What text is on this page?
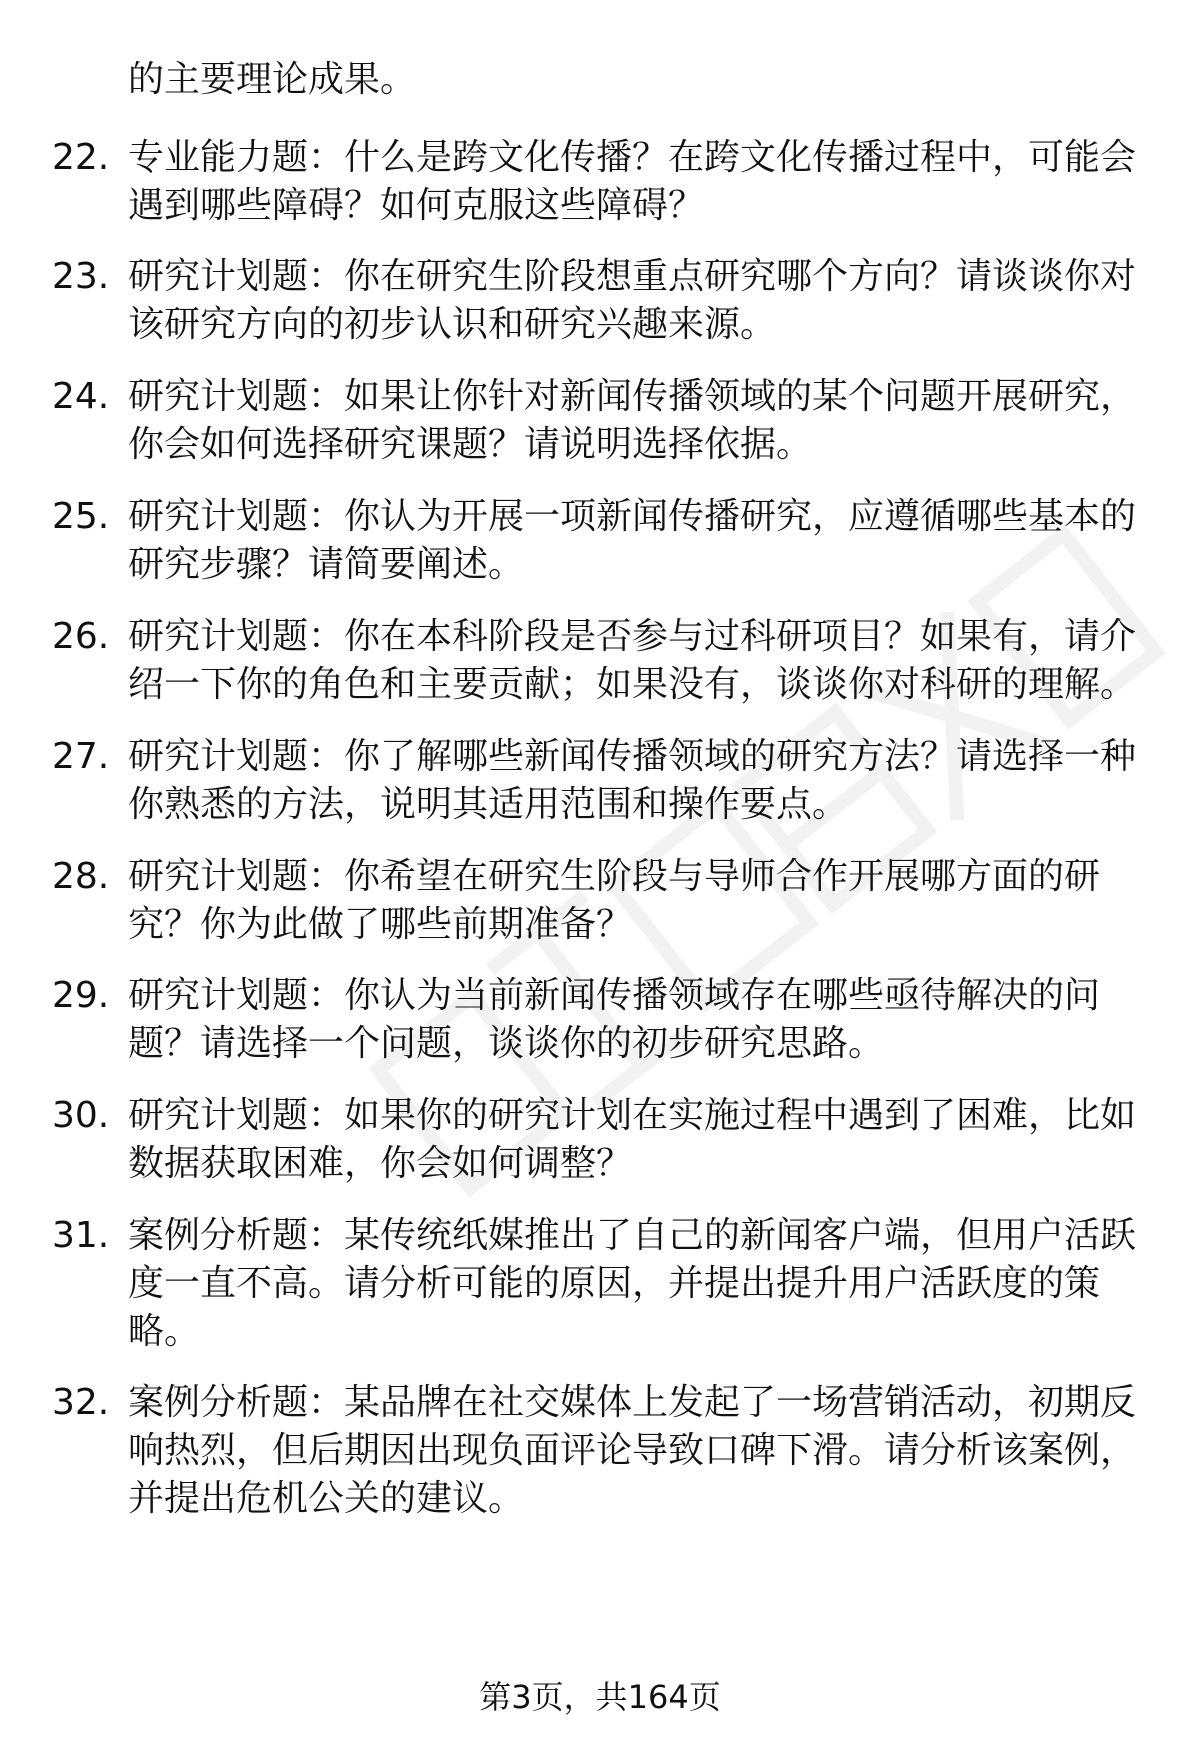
的主要理论成果。
22. 专业能力题：什么是跨文化传播？在跨文化传播过程中，可能会
遇到哪些障碍？如何克服这些障碍？
23. 研究计划题：你在研究生阶段想重点研究哪个方向？请谈谈你对
该研究方向的初步认识和研究兴趣来源。
24. 研究计划题：如果让你针对新闻传播领域的某个问题开展研究，
你会如何选择研究课题？请说明选择依据。
25. 研究计划题：你认为开展一项新闻传播研究，应遵循哪些基本的
研究步骤？请简要阐述。
26. 研究计划题：你在本科阶段是否参与过科研项目？如果有，请介
绍一下你的角色和主要贡献；如果没有，谈谈你对科研的理解。
27. 研究计划题：你了解哪些新闻传播领域的研究方法？请选择一种
你熟悉的方法，说明其适用范围和操作要点。
28. 研究计划题：你希望在研究生阶段与导师合作开展哪方面的研
究？你为此做了哪些前期准备？
29. 研究计划题：你认为当前新闻传播领域存在哪些亟待解决的问
题？请选择一个问题，谈谈你的初步研究思路。
30. 研究计划题：如果你的研究计划在实施过程中遇到了困难，比如
数据获取困难，你会如何调整？
31. 案例分析题：某传统纸媒推出了自己的新闻客户端，但用户活跃
度一直不高。请分析可能的原因，并提出提升用户活跃度的策
略。
32. 案例分析题：某品牌在社交媒体上发起了一场营销活动，初期反
响热烈，但后期因出现负面评论导致口碑下滑。请分析该案例，
并提出危机公关的建议。
第3页，共164页
